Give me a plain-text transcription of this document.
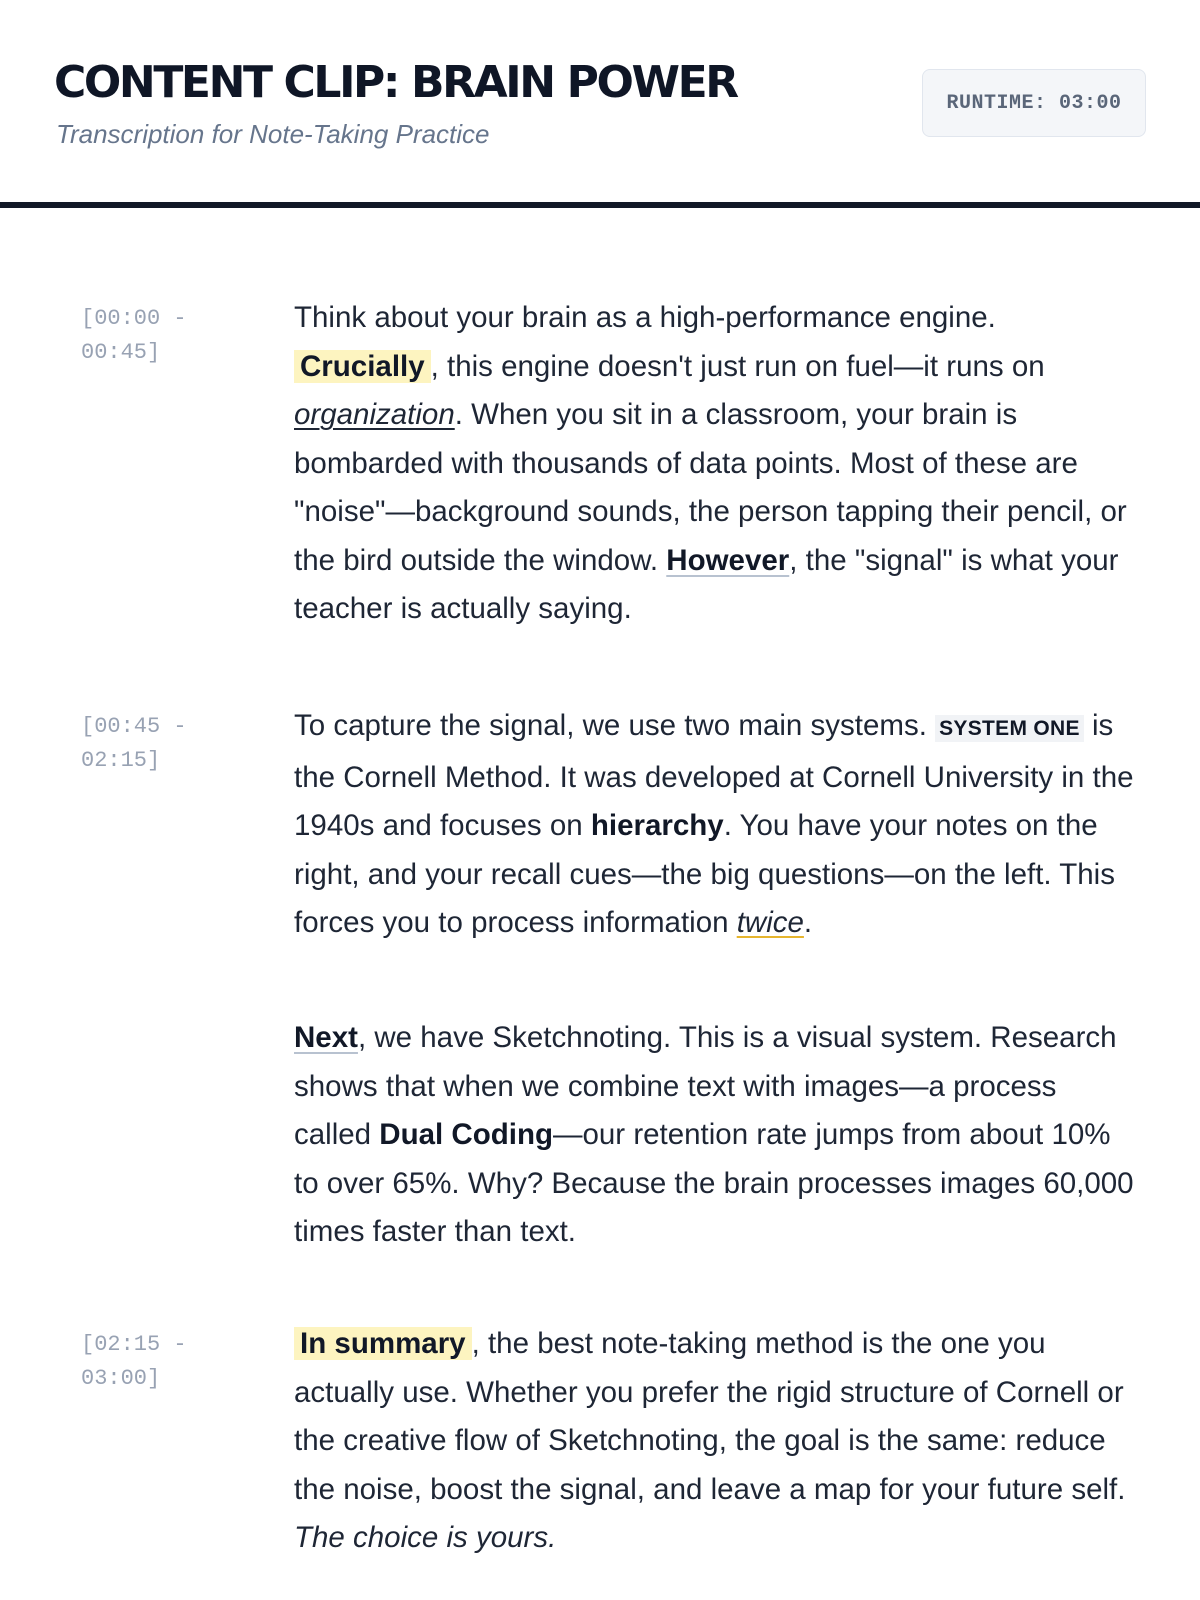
CONTENT CLIP: BRAIN POWER
Transcription for Note-Taking Practice
RUNTIME: 03:00
[00:00 -
00:45]

Think about your brain as a high-performance engine. Crucially , this engine doesn't just run on fuel—it runs on organization. When you sit in a classroom, your brain is bombarded with thousands of data points. Most of these are "noise"—background sounds, the person tapping their pencil, or the bird outside the window. However, the "signal" is what your teacher is actually saying.

[00:45 -
02:15]

To capture the signal, we use two main systems. SYSTEM ONE is the Cornell Method. It was developed at Cornell University in the 1940s and focuses on hierarchy. You have your notes on the right, and your recall cues—the big questions—on the left. This forces you to process information twice.

Next, we have Sketchnoting. This is a visual system. Research shows that when we combine text with images—a process called Dual Coding—our retention rate jumps from about 10% to over 65%. Why? Because the brain processes images 60,000 times faster than text.

[02:15 -
03:00]

In summary , the best note-taking method is the one you actually use. Whether you prefer the rigid structure of Cornell or the creative flow of Sketchnoting, the goal is the same: reduce the noise, boost the signal, and leave a map for your future self. The choice is yours.
